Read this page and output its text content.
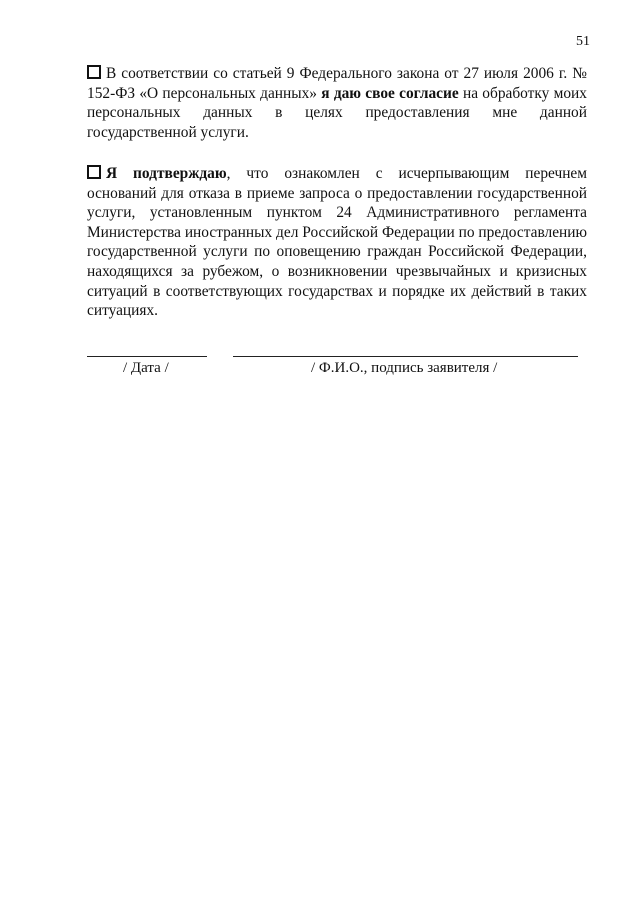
51
В соответствии со статьей 9 Федерального закона от 27 июля 2006 г. № 152-ФЗ «О персональных данных» я даю свое согласие на обработку моих персональных данных в целях предоставления мне данной государственной услуги.
Я подтверждаю, что ознакомлен с исчерпывающим перечнем оснований для отказа в приеме запроса о предоставлении государственной услуги, установленным пунктом 24 Административного регламента Министерства иностранных дел Российской Федерации по предоставлению государственной услуги по оповещению граждан Российской Федерации, находящихся за рубежом, о возникновении чрезвычайных и кризисных ситуаций в соответствующих государствах и порядке их действий в таких ситуациях.
/ Дата /	/ Ф.И.О., подпись заявителя /
